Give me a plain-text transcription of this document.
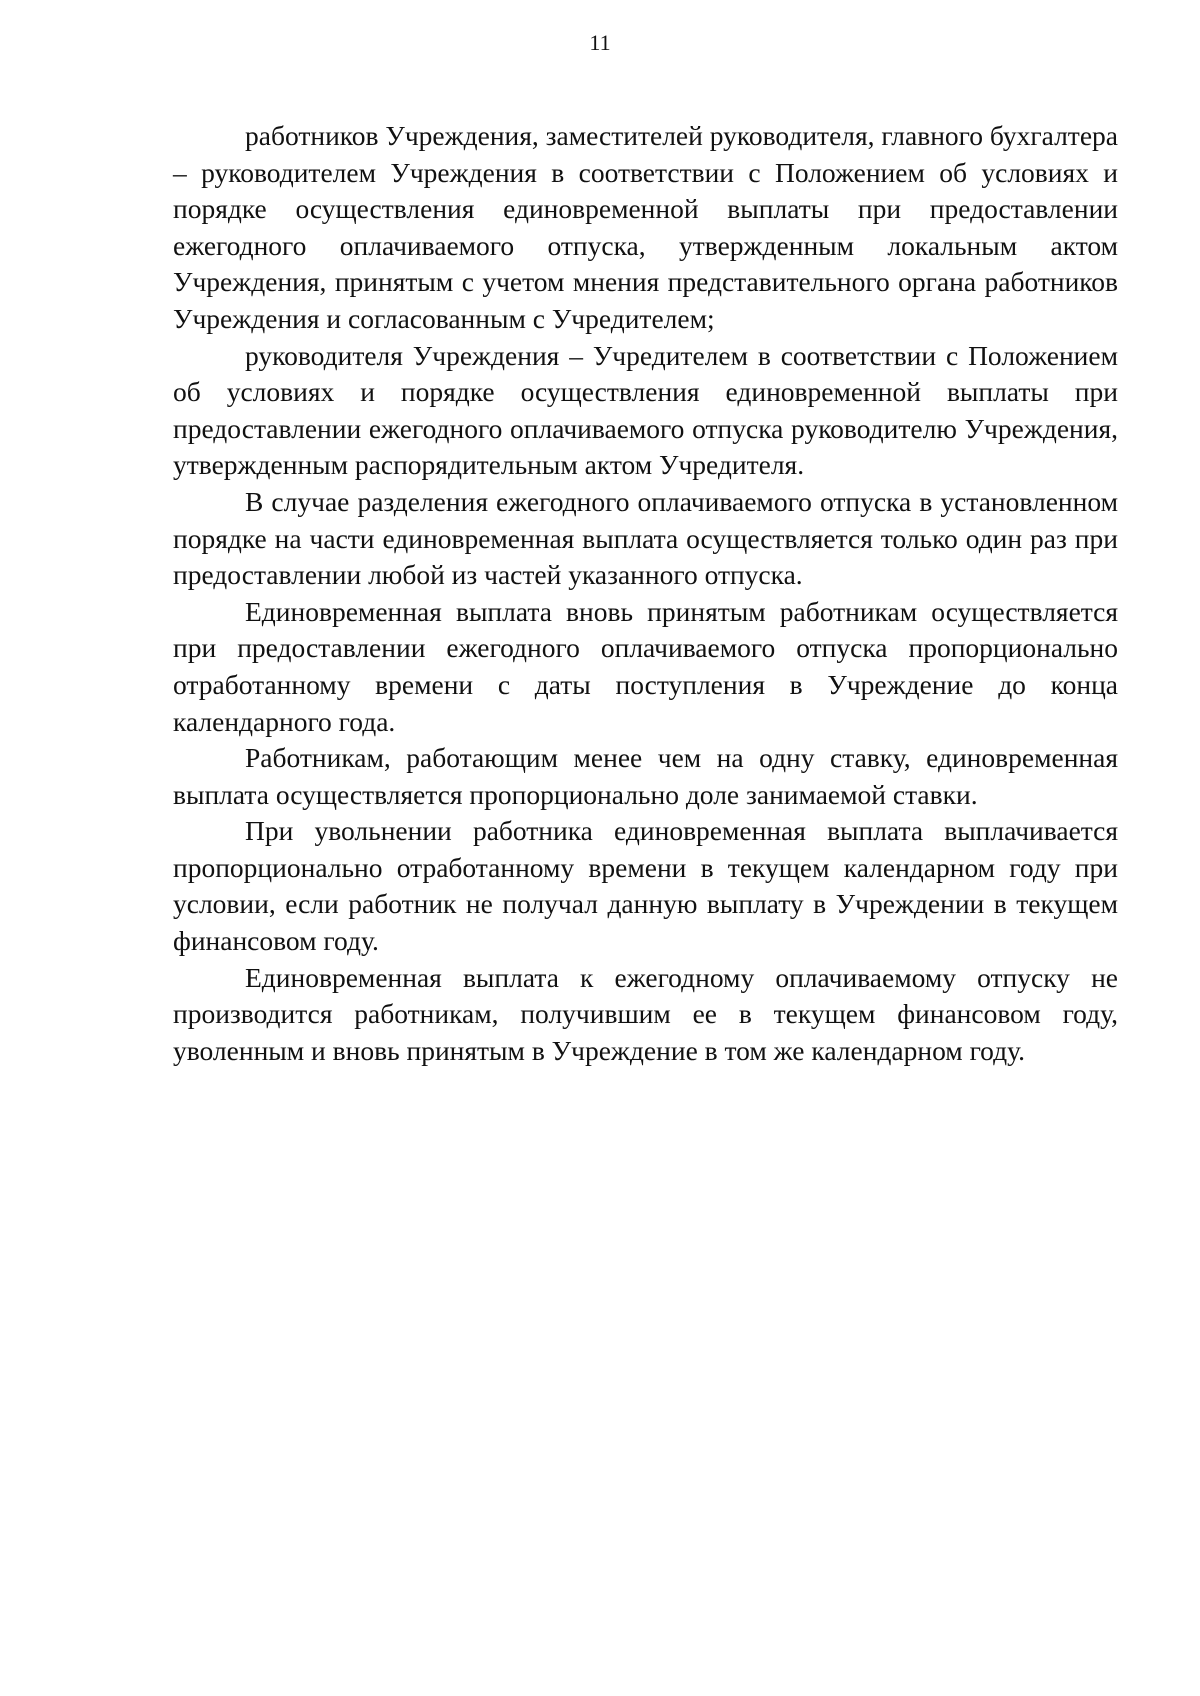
11

работников Учреждения, заместителей руководителя, главного бухгалтера – руководителем Учреждения в соответствии с Положением об условиях и порядке осуществления единовременной выплаты при предоставлении ежегодного оплачиваемого отпуска, утвержденным локальным актом Учреждения, принятым с учетом мнения представительного органа работников Учреждения и согласованным с Учредителем;

руководителя Учреждения – Учредителем в соответствии с Положением об условиях и порядке осуществления единовременной выплаты при предоставлении ежегодного оплачиваемого отпуска руководителю Учреждения, утвержденным распорядительным актом Учредителя.

В случае разделения ежегодного оплачиваемого отпуска в установленном порядке на части единовременная выплата осуществляется только один раз при предоставлении любой из частей указанного отпуска.

Единовременная выплата вновь принятым работникам осуществляется при предоставлении ежегодного оплачиваемого отпуска пропорционально отработанному времени с даты поступления в Учреждение до конца календарного года.

Работникам, работающим менее чем на одну ставку, единовременная выплата осуществляется пропорционально доле занимаемой ставки.

При увольнении работника единовременная выплата выплачивается пропорционально отработанному времени в текущем календарном году при условии, если работник не получал данную выплату в Учреждении в текущем финансовом году.

Единовременная выплата к ежегодному оплачиваемому отпуску не производится работникам, получившим ее в текущем финансовом году, уволенным и вновь принятым в Учреждение в том же календарном году.
